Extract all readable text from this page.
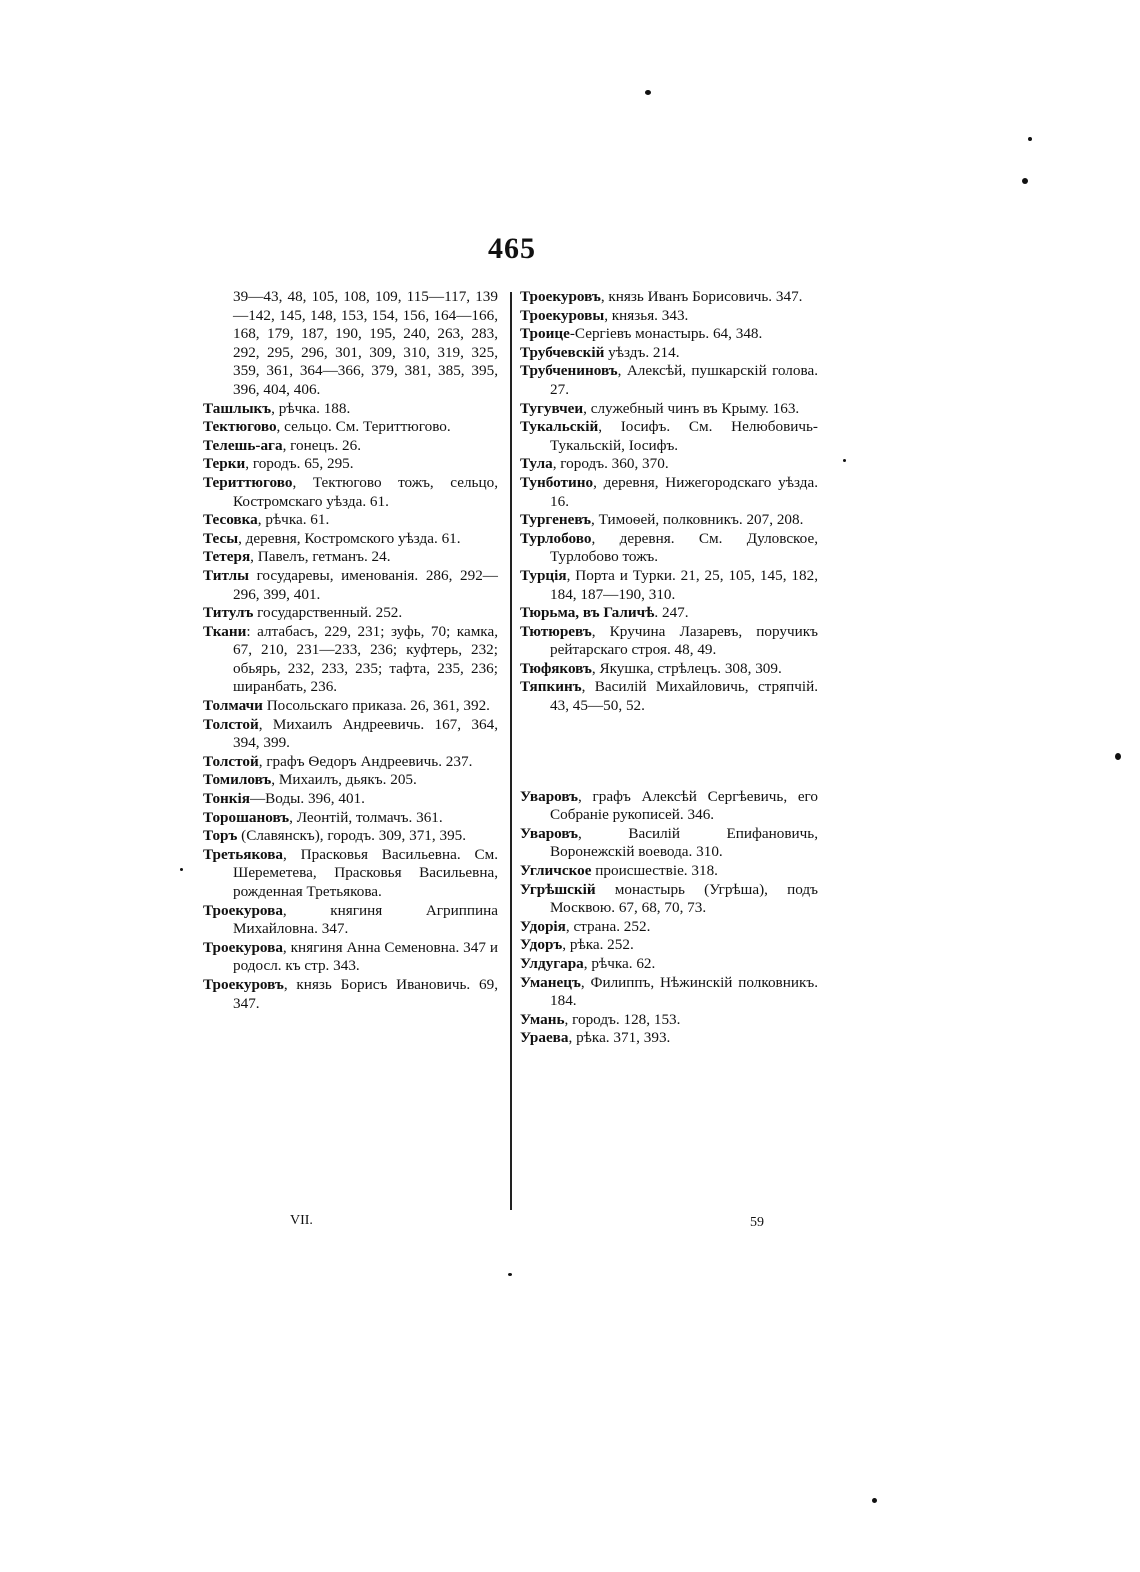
465

39—43, 48, 105, 108, 109, 115—117, 139—142, 145, 148, 153, 154, 156, 164—166, 168, 179, 187, 190, 195, 240, 263, 283, 292, 295, 296, 301, 309, 310, 319, 325, 359, 361, 364—366, 379, 381, 385, 395, 396, 404, 406.

Ташлыкъ, рѣчка. 188.

Тектюгово, сельцо. См. Териттюгово.

Телешь-ага, гонецъ. 26.

Терки, городъ. 65, 295.

Териттюгово, Тектюгово тожъ, сельцо, Костромскаго уѣзда. 61.

Тесовка, рѣчка. 61.

Тесы, деревня, Костромского уѣзда. 61.

Тетеря, Павелъ, гетманъ. 24.

Титлы государевы, именованія. 286, 292—296, 399, 401.

Титулъ государственный. 252.

Ткани: алтабасъ, 229, 231; зуфь, 70; камка, 67, 210, 231—233, 236; куфтерь, 232; обьярь, 232, 233, 235; тафта, 235, 236; ширанбать, 236.

Толмачи Посольскаго приказа. 26, 361, 392.

Толстой, Михаилъ Андреевичь. 167, 364, 394, 399.

Толстой, графъ Ѳедоръ Андреевичь. 237.

Томиловъ, Михаилъ, дьякъ. 205.

Тонкія—Воды. 396, 401.

Торошановъ, Леонтій, толмачъ. 361.

Торъ (Славянскъ), городъ. 309, 371, 395.

Третьякова, Прасковья Васильевна. См. Шереметева, Прасковья Васильевна, рожденная Третьякова.

Троекурова, княгиня Агриппина Михайловна. 347.

Троекурова, княгиня Анна Семеновна. 347 и родосл. къ стр. 343.

Троекуровъ, князь Борисъ Ивановичь. 69, 347.

Троекуровъ, князь Иванъ Борисовичь. 347.

Троекуровы, князья. 343.

Троице-Сергіевъ монастырь. 64, 348.

Трубчевскій уѣздъ. 214.

Трубчениновъ, Алексѣй, пушкарскій голова. 27.

Тугувчеи, служебный чинъ въ Крыму. 163.

Тукальскій, Іосифъ. См. Нелюбовичь-Тукальскій, Іосифъ.

Тула, городъ. 360, 370.

Тунботино, деревня, Нижегородскаго уѣзда. 16.

Тургеневъ, Тимоѳей, полковникъ. 207, 208.

Турлобово, деревня. См. Дуловское, Турлобово тожъ.

Турція, Порта и Турки. 21, 25, 105, 145, 182, 184, 187—190, 310.

Тюрьма, въ Галичѣ. 247.

Тютюревъ, Кручина Лазаревъ, поручикъ рейтарскаго строя. 48, 49.

Тюфяковъ, Якушка, стрѣлецъ. 308, 309.

Тяпкинъ, Василій Михайловичь, стряпчій. 43, 45—50, 52.

Уваровъ, графъ Алексѣй Сергѣевичь, его Собраніе рукописей. 346.

Уваровъ, Василій Епифановичь, Воронежскій воевода. 310.

Угличское происшествіе. 318.

Угрѣшскій монастырь (Угрѣша), подъ Москвою. 67, 68, 70, 73.

Удорія, страна. 252.

Удоръ, рѣка. 252.

Улдугара, рѣчка. 62.

Уманецъ, Филиппъ, Нѣжинскій полковникъ. 184.

Умань, городъ. 128, 153.

Ураева, рѣка. 371, 393.

VII.	59
